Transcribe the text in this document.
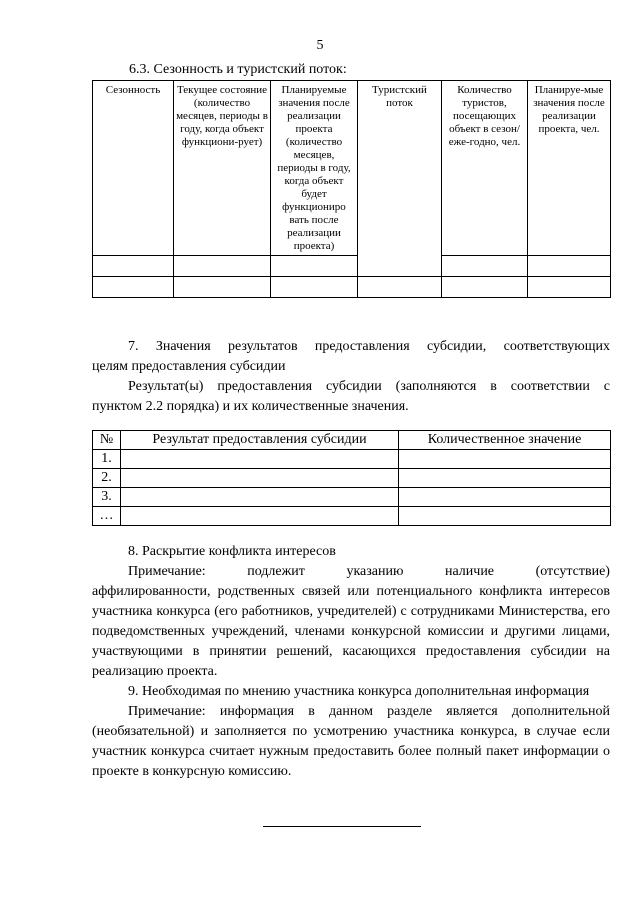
5
6.3. Сезонность и туристский поток:
Сезонность	Текущее состояние (количество месяцев, периоды в году, когда объект функциони-рует)	Планируемые значения после реализации проекта (количество месяцев, периоды в году, когда объект будет функциониро вать после реализации проекта)	Туристский поток	Количество туристов, посещающих объект в сезон/еже-годно, чел.	Планируе-мые значения после реализации проекта, чел.

7. Значения результатов предоставления субсидии, соответствующих
целям предоставления субсидии
Результат(ы) предоставления субсидии (заполняются в соответствии с
пунктом 2.2 порядка) и их количественные значения.
№	Результат предоставления субсидии	Количественное значение
1.		
2.		
3.		
…		
8. Раскрытие конфликта интересов
Примечание:	подлежит	указанию	наличие	(отсутствие)
аффилированности, родственных связей или потенциального конфликта интересов участника конкурса (его работников, учредителей) с сотрудниками Министерства, его подведомственных учреждений, членами конкурсной комиссии и другими лицами, участвующими в принятии решений, касающихся предоставления субсидии на реализацию проекта.
9. Необходимая по мнению участника конкурса дополнительная информация
Примечание: информация в данном разделе является дополнительной (необязательной) и заполняется по усмотрению участника конкурса, в случае если участник конкурса считает нужным предоставить более полный пакет информации о проекте в конкурсную комиссию.
